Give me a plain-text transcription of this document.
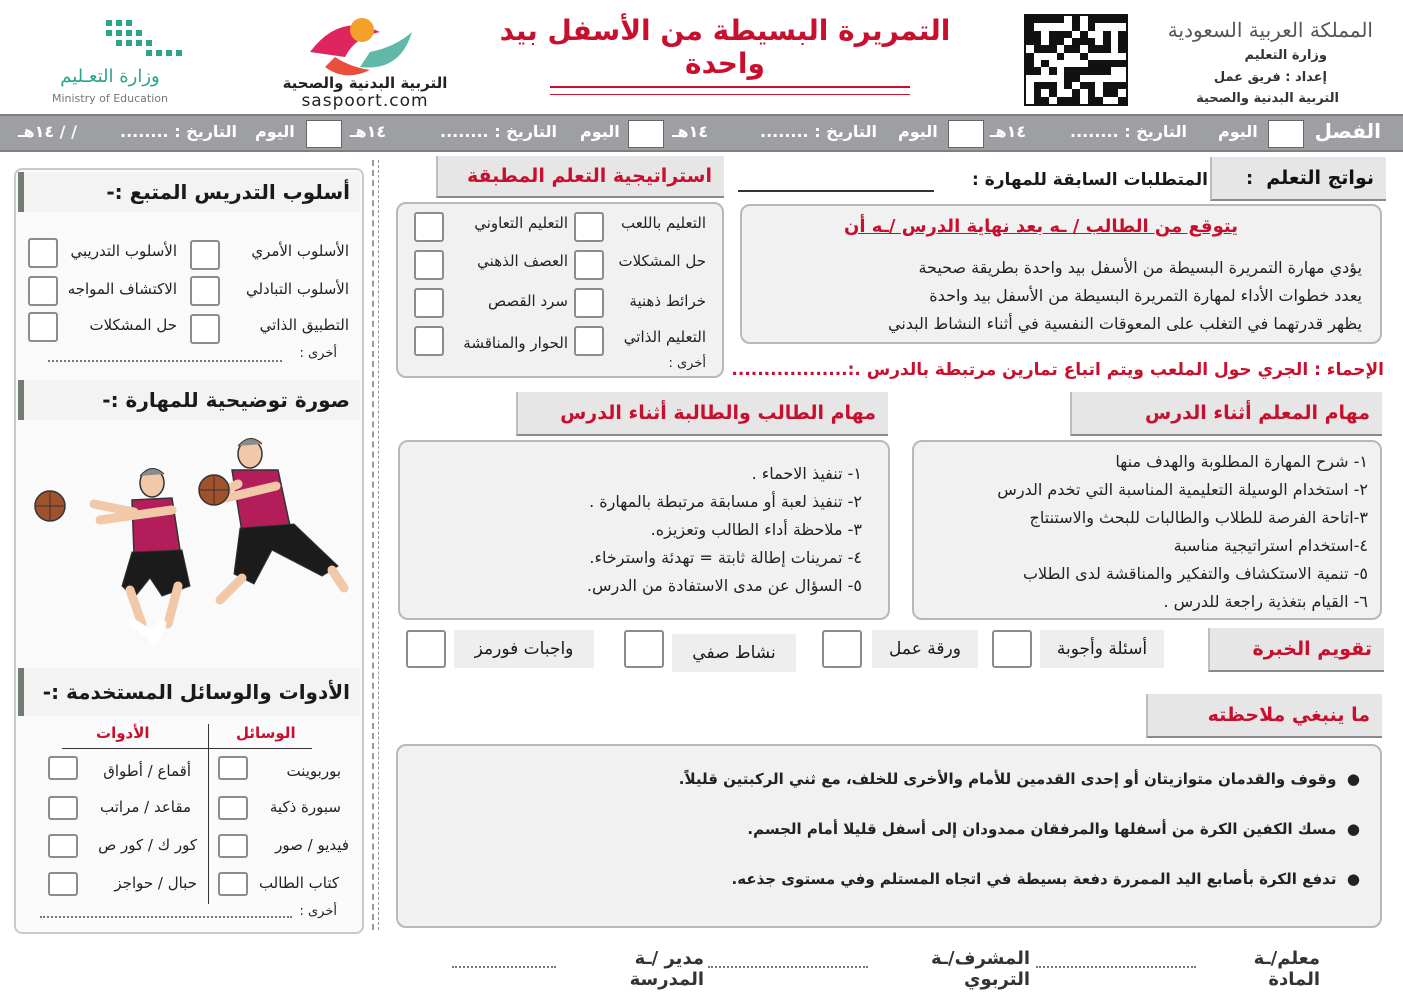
المملكة العربية السعودية
وزارة التعليم
إعداد : فريق عمل
التربية البدنية والصحية
التمريرة البسيطة من الأسفل بيد واحدة
التربية البدنية والصحية
saspoort.com
وزارة التعـليم
Ministry of Education
الفصل
اليوم
التاريخ : ........
١٤هـ
اليوم
التاريخ : ........
١٤هـ
اليوم
التاريخ : ........
١٤هـ
اليوم
التاريخ : ........
/ / ١٤هـ
نواتج التعلم
:
المتطلبات السابقة للمهارة :
يتوقع من الطالب / ـه بعد نهاية الدرس /ـه أن
يؤدي مهارة التمريرة البسيطة من الأسفل بيد واحدة بطريقة صحيحة
يعدد خطوات الأداء لمهارة التمريرة البسيطة من الأسفل بيد واحدة
يظهر قدرتهما في التغلب على المعوقات النفسية في أثناء النشاط البدني
استراتيجية التعلم المطبقة
التعليم باللعب
حل المشكلات
خرائط ذهنية
التعليم الذاتي
التعليم التعاوني
العصف الذهني
سرد القصص
الحوار والمناقشة
أخرى :	الإحماء : الجري حول الملعب ويتم اتباع تمارين مرتبطة بالدرس .:..................
مهام المعلم أثناء الدرس
١- شرح المهارة المطلوبة والهدف منها
٢- استخدام الوسيلة التعليمية المناسبة التي تخدم الدرس
٣-اتاحة الفرصة للطلاب والطالبات للبحث والاستنتاج
٤-استخدام استراتيجية مناسبة
٥- تنمية الاستكشاف والتفكير والمناقشة لدى الطلاب
٦- القيام بتغذية راجعة للدرس .
مهام الطالب والطالبة أثناء الدرس
١- تنفيذ الاحماء .
٢- تنفيذ لعبة أو مسابقة مرتبطة بالمهارة .
٣- ملاحظة أداء الطالب وتعزيزه.
٤- تمرينات إطالة ثابتة = تهدئة واسترخاء.
٥- السؤال عن مدى الاستفادة من الدرس.
تقويم الخبرة
أسئلة وأجوبة
ورقة عمل
نشاط صفي
واجبات فورمز
ما ينبغي ملاحظته
●  وقوف والقدمان متوازيتان أو إحدى القدمين للأمام والأخرى للخلف، مع ثني الركبتين قليلاً.
●  مسك الكفين الكرة من أسفلها والمرفقان ممدودان إلى أسفل قليلا أمام الجسم.
●  تدفع الكرة بأصابع اليد الممررة دفعة بسيطة في اتجاه المستلم وفي مستوى جذعه.
أسلوب التدريس المتبع :-
الأسلوب الأمري
الأسلوب التدريبي
الأسلوب التبادلي
الاكتشاف المواجه
التطبيق الذاتي
حل المشكلات
أخرى :
صورة توضيحية للمهارة :-
الأدوات والوسائل المستخدمة :-
الوسائل
الأدوات
بوربوينت
أقماع / أطواق
سبورة ذكية
مقاعد / مراتب
فيديو / صور
كور ك / كور ص
كتاب الطالب
حبال / حواجز
أخرى :
معلم/ـة المادة
المشرف/ـة التربوي
مدير /ـة المدرسة
